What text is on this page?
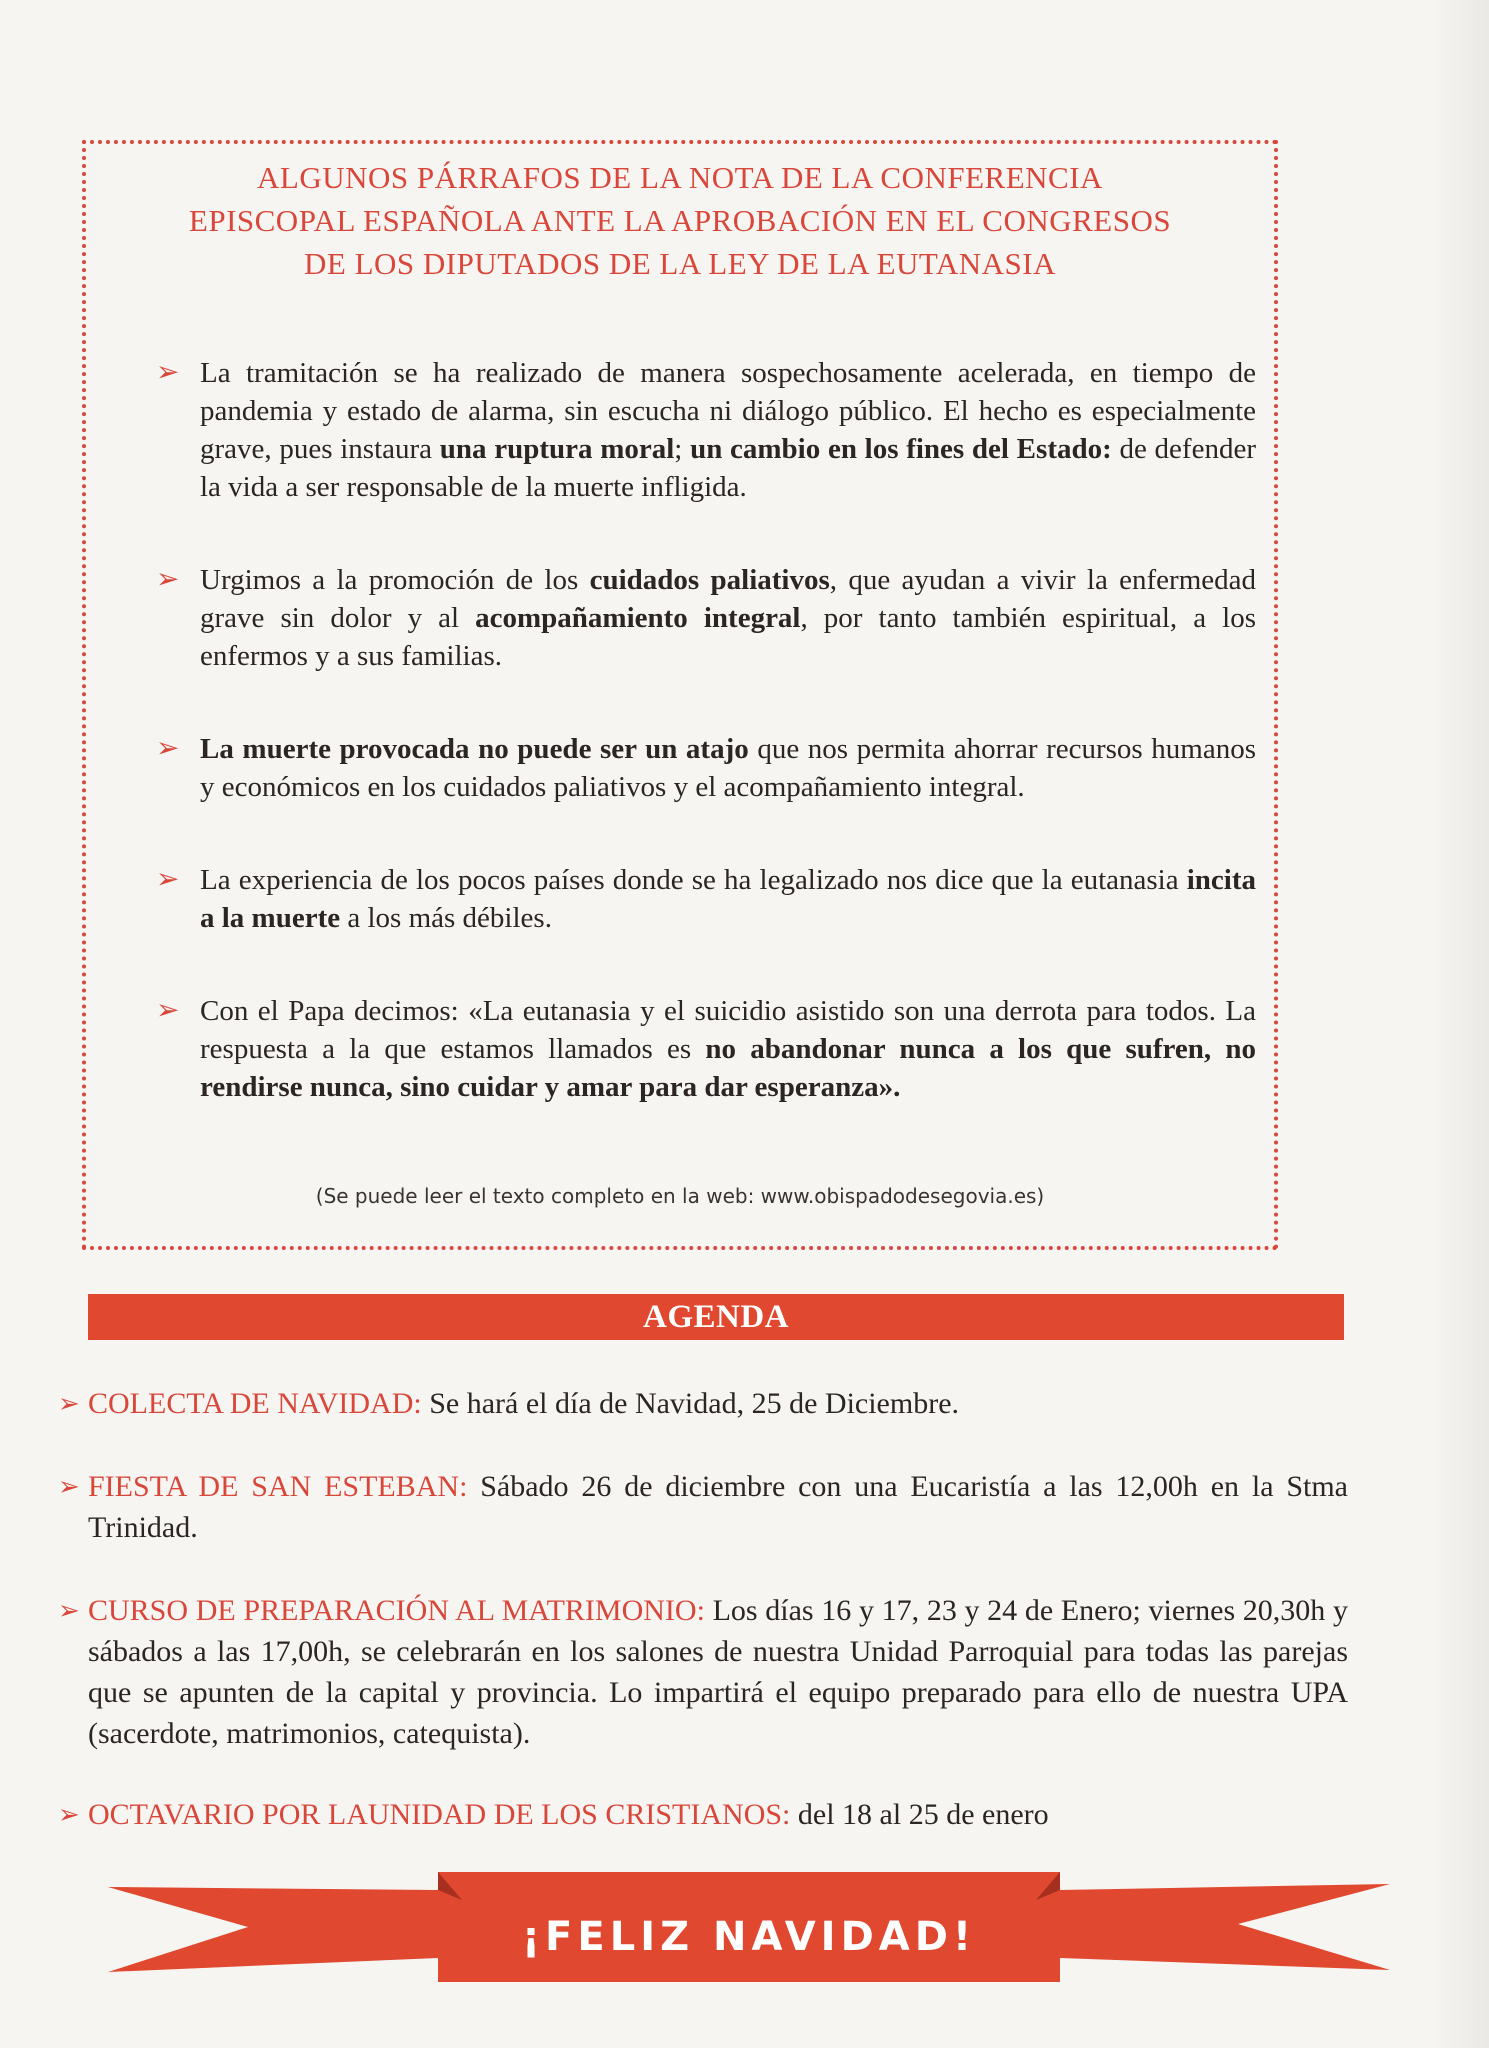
ALGUNOS PÁRRAFOS DE LA NOTA DE LA CONFERENCIA
EPISCOPAL ESPAÑOLA ANTE LA APROBACIÓN EN EL CONGRESOS
DE LOS DIPUTADOS DE LA LEY DE LA EUTANASIA
➢ La tramitación se ha realizado de manera sospechosamente acelerada, en tiempo de pandemia y estado de alarma, sin escucha ni diálogo público. El hecho es especialmente grave, pues instaura una ruptura moral; un cambio en los fines del Estado: de defender la vida a ser responsable de la muerte infligida.
➢ Urgimos a la promoción de los cuidados paliativos, que ayudan a vivir la enfermedad grave sin dolor y al acompañamiento integral, por tanto también espiritual, a los enfermos y a sus familias.
➢ La muerte provocada no puede ser un atajo que nos permita ahorrar recursos humanos y económicos en los cuidados paliativos y el acompañamiento integral.
➢ La experiencia de los pocos países donde se ha legalizado nos dice que la eutanasia incita a la muerte a los más débiles.
➢ Con el Papa decimos: «La eutanasia y el suicidio asistido son una derrota para todos. La respuesta a la que estamos llamados es no abandonar nunca a los que sufren, no rendirse nunca, sino cuidar y amar para dar esperanza».
(Se puede leer el texto completo en la web: www.obispadodesegovia.es)
AGENDA
➢ COLECTA DE NAVIDAD: Se hará el día de Navidad, 25 de Diciembre.
➢ FIESTA DE SAN ESTEBAN: Sábado 26 de diciembre con una Eucaristía a las 12,00h en la Stma Trinidad.
➢ CURSO DE PREPARACIÓN AL MATRIMONIO: Los días 16 y 17, 23 y 24 de Enero; viernes 20,30h y sábados a las 17,00h, se celebrarán en los salones de nuestra Unidad Parroquial para todas las parejas que se apunten de la capital y provincia. Lo impartirá el equipo preparado para ello de nuestra UPA (sacerdote, matrimonios, catequista).
➢ OCTAVARIO POR LAUNIDAD DE LOS CRISTIANOS: del 18 al 25 de enero
¡FELIZ NAVIDAD!
